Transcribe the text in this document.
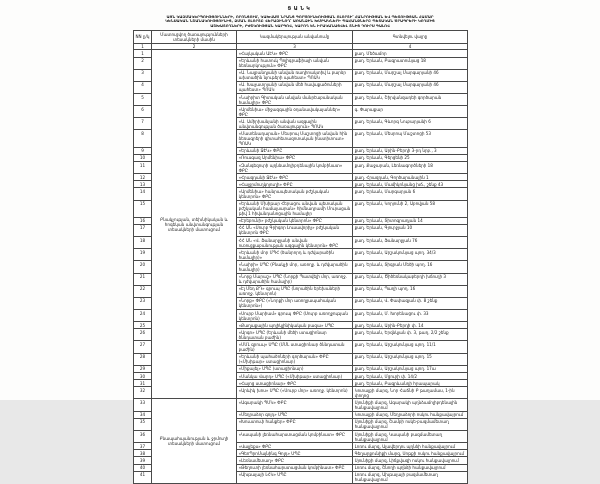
ՑԱՆԿ
ԱՅՆ ԿԱԶՄԱԿԵՐՊՈՒԹՅՈՒՆՆԵՐԻ, ՈՐՈՆՑՈՒՄ, ԿԱԽՎԱԾ ՆՐԱՆՑ ԳՈՐԾՈՒՆԵՈՒԹՅԱՆ ՈԼՈՐՏԻ՝ ՀԱՆՐՈՒԹՅԱՆ ԵՎ ՊԵՏՈՒԹՅԱՆ ՀԱՄԱՐ
ԿԵՆՍԱԿԱՆ ՆՇԱՆԱԿՈՒԹՅՈՒՆԻՑ, ՁՄԱՆ ՈԼՈՐՏԸ ՎԵՐԱԶԻՆՈՂ՝ ԱՌԱՆՁԻՆ ԽՄԲԱԿՆԵՐԻ ՊԱՀԱՆՋՆԵՐԸ ՊԵՏԱԿԱՆ ԾՐԱԳՐԵՐԻ ԿՈՂՄԻՑ
ԱՇԽԱՏՈՂՆԵՐԻ, ԲԺՇԿՈՒԹՅԱՆ ԿԱՐԳՈՎ, ԿԱՐՈՂ ԵՆ ԻՐԱԿԱՆԱՑՎԵԼ ՏՆԻՑ ԴՈՒՐՍ ԳԱԼՈՎ
NN ը/կ	Մատուցվող ծառայությունների տեսակների մասին	Կազմակերպության անվանումը	Գտնվելու վայրը
1	2	3	4
1	Բնակչության, տեխնիկական և հոգեկան անվտանգության տեսակների մատուցում	«Հայկական ԱԷԿ» ՓԲԸ	քաղ. Մեծամոր
2		«Երևանի հատուկ Պոլիգրաֆիայի անվան ձեռնարկություն» ՓԲԸ	քաղ. Երևան, Բագրատունյաց 18
3		«Ա. Նալբանդյանի անվան ռադիոակտիվ և բարձր ախտածին նյութերի պահեստ» ՊՈԱԿ	քաղ. Երևան, Մարշալ Մարգարյանի 46
4		«Ա. Խաչատրյանի անվան մեծ հավաքածուների պահեստ» ՊՈԱԿ	քաղ. Երևան, Մարշալ Մարգարյանի 46
5		«Նաիրիտ Գիտական անվան մանրէաբանական համալիր» ՓԲԸ	քաղ. Երևան, Շիրվանզադեի գործարան
6		«Արմենիա» միջազգային օդանավակայաններ» ՓԲԸ	գ. Փարաքար
7		«Ա. Ամիրխանյանի անվան ազգային անվտանգության ծառայություն» ՊՈԱԿ	քաղ. Երևան, Գևորգ Նուբարյանի 6
8		«Մատենադարան» Մեսրոպ Մաշտոցի անվան հին ձեռագրերի գիտահետազոտական ինստիտուտ» ՊՈԱԿ	քաղ. Երևան, Մեսրոպ Մաշտոցի 53
9		«Երևանի ՋԷԿ» ՓԲԸ	քաղ. Երևան, Արին-Բերդի 3-րդ նրբ., 3
10		«Ռուսգազ Արմենիա» ՓԲԸ	քաղ. Երևան, Գերցենի 25
11		«Զանգեզուրի պղնձամոլիբդենային կոմբինատ» ՓԲԸ	քաղ. Քաջարան, Լեռնագործների 18
12		«Հրազդանի ՋԷԿ» ՓԲԸ	քաղ. Հրազդան, Գործարանային 1
13		«Հայջրմուղկոյուղի» ՓԲԸ	քաղ. Երևան, Մամիկոնյանց խճ., շենք 43
14		«Արմենիա» հանրապետական բժշկական կենտրոն» ՓԲԸ	քաղ. Երևան, Մարգարյան 6
15		«Երևանի Մխիթար Հերացու անվան պետական բժշկական համալսարան» հիմնադրամի Մուրացան թիվ 1 հիվանդանոցային համալիր	քաղ. Երևան, Կորյունի 2, Աբովյան 58
16		«Էրեբունի» բժշկական կենտրոն» ՓԲԸ	քաղ. Երևան, Տիտոգրադյան 14
17		ՀՀ ԱՆ «Սուրբ Գրիգոր Լուսավորիչ» բժշկական կենտրոն ՓԲԸ	քաղ. Երևան, Գյուրջյան 10
18		ՀՀ ԱՆ «Վ. Ֆանարջյանի անվան ուռուցքաբանության ազգային կենտրոն» ՓԲԸ	քաղ. Երևան, Ֆանարջյան 76
19		«Երևանի մոր ՄՊՀ (ծանրորդ և դժվարածին համալիր)»	քաղ. Երևան, Արշակունյաց պող. 34/3
20		«Նաիրի» ՍՊԸ (Բնակչի մոր, առողջ. և դժվարածին համալիր)	քաղ. Երևան, Տիգրան Մեծի պող. 16
21		«Նորք Մարաշ» ՍՊԸ (Նորքի Պատվելի մոր, առողջ. և դժվարածին համալիր)	քաղ. Երևան, Ծիծեռնակաբերդի խճուղի 3
22		«Էլ Մեդ ՔԴ» գրուպ ՍՊԸ (նորածին երեխաների առողջ. կենտրոն)	քաղ. Երևան, Պաղի պող. 16
23		«Նորք» ՓԲԸ («Նորքի մոր առողջապահական կենտրոն»)	քաղ. Երևան, Վ. Փափազյան փ. 8 շենք
24		«Սուրբ Մարիամ» գրուպ ՓԲԸ (Սուրբ առողջության կենտրոն)	քաղ. Երևան, Մ. Խորենացու փ. 33
25		«Քաղաքային պոլիկլինիկական բազա» ՍՊԸ	քաղ. Երևան, Արին-Բերդի փ. 14
26		«Արգո» ՍՊԸ (Երևանի մեծի ստացիոնար ծննդատան բաժին)	քաղ. Երևան, Երզնկյան փ. 3, թաղ. 2/2 շենք
27		«ՄՄԼ գրուպ» ՍՊԸ (ՄՄԼ ստացիոնար ծննդատան բաժին)	քաղ. Երևան, Արշակունյաց պող. 11/1
28		«Երևանի պահածոների գործարան» ՓԲԸ («Մխիթար» ստացիոնար)	քաղ. Երևան, Արշակունյաց պող. 15
29		«Միքայել» ՍՊԸ (ստացիոնար)	քաղ. Երևան, Արշակունյաց պող. 17ա
30		«Մանկա Վարդ» ՍՊԸ («Մխիթար» ստացիոնար)	քաղ. Երևան, Մցուրի փ. 14/2
31		«Հայոց ստացիոնար» ՓԲԸ	քաղ. Երևան, Բագրևանդի հրապարակ
32		«Արևիկ խոս» ՍՊԸ («Սուրբ մոր» առողջ. կենտրոն)	Կոտայքի մարզ, Նոր Հաճնի Բ թաղամաս, 1-ին փողոց
33	Բնապահպանության և ջրմուղի տեսակների մատուցում	«Ագարակի ՊՄԿ» ՓԲԸ	Սյունիքի մարզ, Ագարակի պղնձամոլիբդենային հանքավայրում
34		«Մեղրաձոր գոլդ» ՍՊԸ	Կոտայքի մարզ, Մեղրաձորի ոսկու հանքավայրում
35		«Խուստուփ հանքեր» ՓԲԸ	Սյունիքի մարզ, Շամբի ոսկե-բազմամետաղ հանքավայրում
36		«Կապանի լեռնահարստացման կոմբինատ» ՓԲԸ	Սյունիքի մարզ, Կապանի բազմամետաղ հանքավայրում
37		«Վալլեքս» ՓԲԸ	Լոռու մարզ, Ալավերդու պղնձի հանքավայրում
38		«ԳեոՊրոՄայնինգ Գոլդ» ՍՊԸ	Գեղարքունիքի մարզ, Սոթքի ոսկու հանքավայրում
39		«Լեռնամետաղ» ՓԲԸ	Սյունիքի մարզ, Լիճքվազի ոսկու հանքավայրում
40		«Թեղուտի լեռնահարստացման կոմբինատ» ՓԲԸ	Լոռու մարզ, Շնողի պղնձի հանքավայրում
41		«Ախթալայի ԼՀԿ» ՍՊԸ	Լոռու մարզ, Ախթալայի բազմամետաղ հանքավայրում
